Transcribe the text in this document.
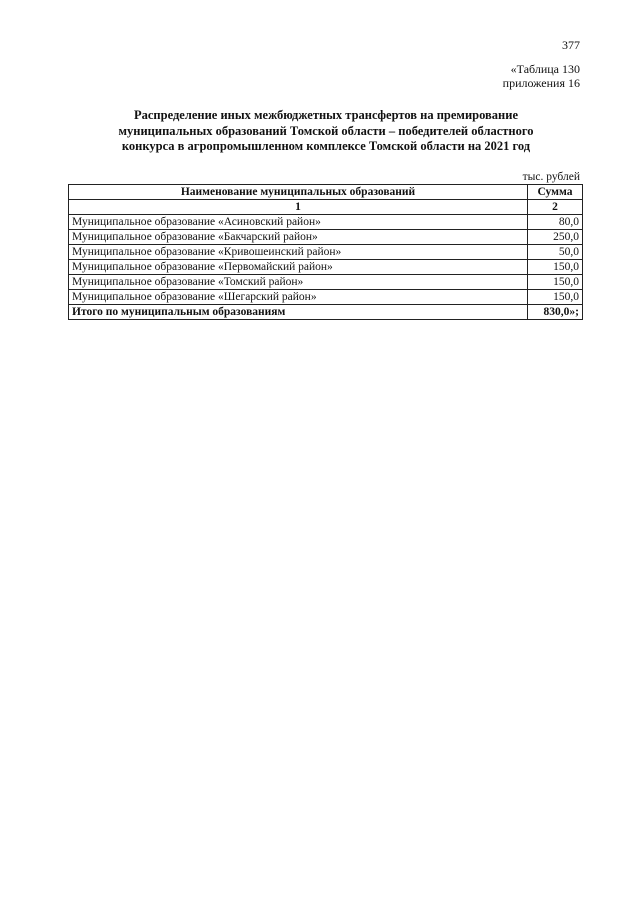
377
«Таблица 130
приложения 16
Распределение иных межбюджетных трансфертов на премирование
муниципальных образований Томской области – победителей областного
конкурса в агропромышленном комплексе Томской области на 2021 год
тыс. рублей
Наименование муниципальных образований	Сумма
1	2
Муниципальное образование «Асиновский район»	80,0
Муниципальное образование «Бакчарский район»	250,0
Муниципальное образование «Кривошеинский район»	50,0
Муниципальное образование «Первомайский район»	150,0
Муниципальное образование «Томский район»	150,0
Муниципальное образование «Шегарский район»	150,0
Итого по муниципальным образованиям	830,0»;
